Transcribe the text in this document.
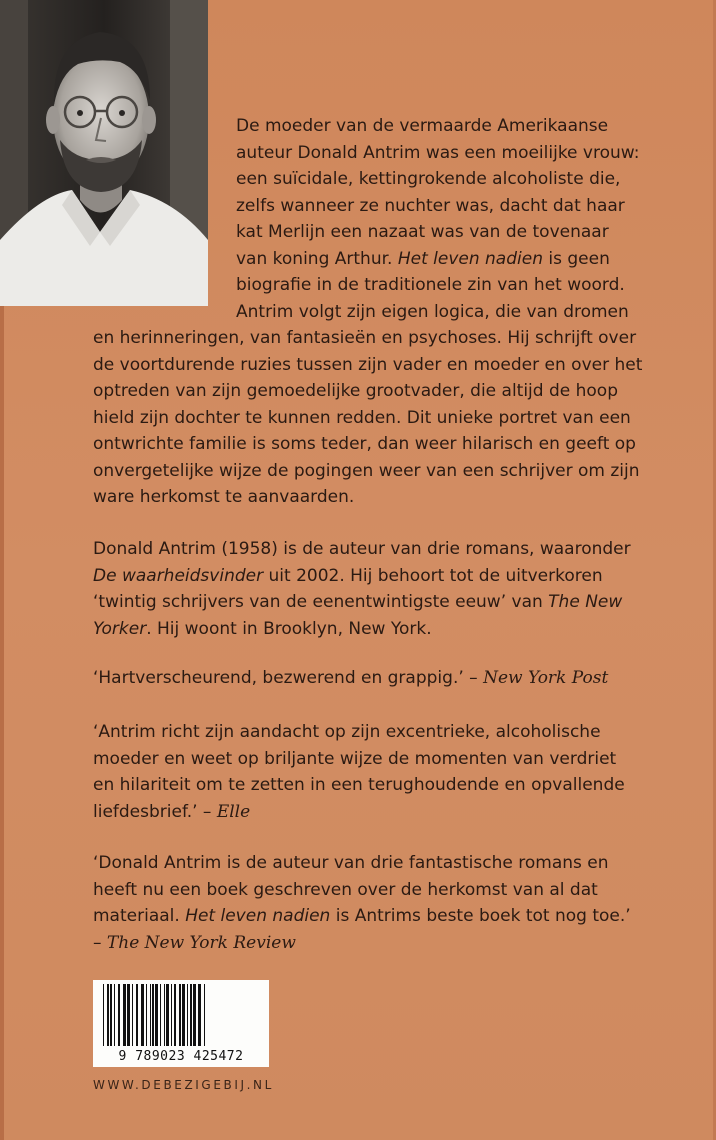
De moeder van de vermaarde Amerikaanse
auteur Donald Antrim was een moeilijke vrouw:
een suïcidale, kettingrokende alcoholiste die,
zelfs wanneer ze nuchter was, dacht dat haar
kat Merlijn een nazaat was van de tovenaar
van koning Arthur. Het leven nadien is geen
biografie in de traditionele zin van het woord.
Antrim volgt zijn eigen logica, die van dromen
en herinneringen, van fantasieën en psychoses. Hij schrijft over
de voortdurende ruzies tussen zijn vader en moeder en over het
optreden van zijn gemoedelijke grootvader, die altijd de hoop
hield zijn dochter te kunnen redden. Dit unieke portret van een
ontwrichte familie is soms teder, dan weer hilarisch en geeft op
onvergetelijke wijze de pogingen weer van een schrijver om zijn
ware herkomst te aanvaarden.
Donald Antrim (1958) is de auteur van drie romans, waaronder
De waarheidsvinder uit 2002. Hij behoort tot de uitverkoren
‘twintig schrijvers van de eenentwintigste eeuw’ van The New
Yorker. Hij woont in Brooklyn, New York.
‘Hartverscheurend, bezwerend en grappig.’ – New York Post
‘Antrim richt zijn aandacht op zijn excentrieke, alcoholische
moeder en weet op briljante wijze de momenten van verdriet
en hilariteit om te zetten in een terughoudende en opvallende
liefdesbrief.’ – Elle
‘Donald Antrim is de auteur van drie fantastische romans en
heeft nu een boek geschreven over de herkomst van al dat
materiaal. Het leven nadien is Antrims beste boek tot nog toe.’
– The New York Review
9 789023 425472
WWW.DEBEZIGEBIJ.NL
